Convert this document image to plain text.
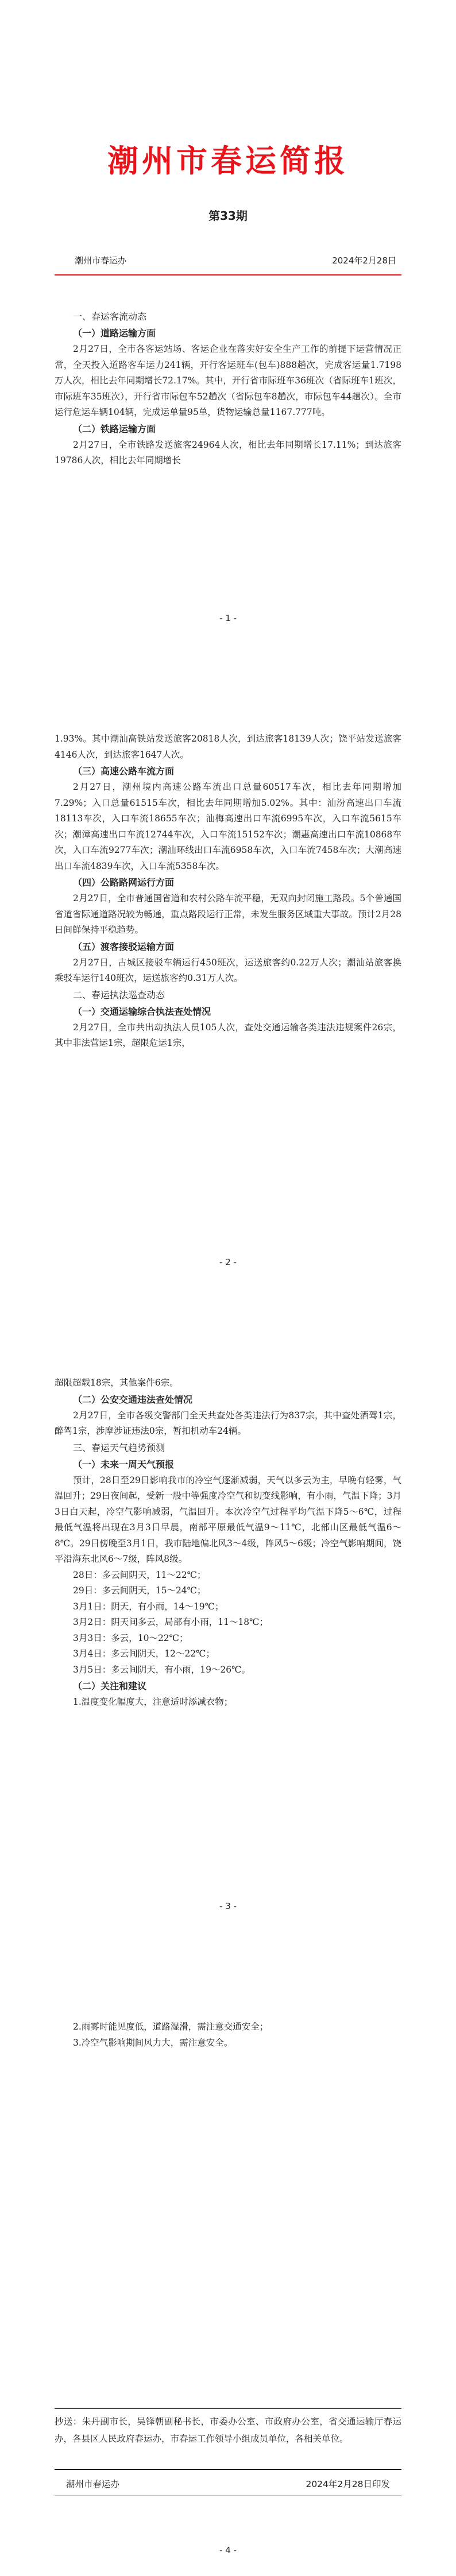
潮州市春运简报
第33期
潮州市春运办	2024年2月28日

一、春运客流动态

（一）道路运输方面

2月27日，全市各客运站场、客运企业在落实好安全生产工作的前提下运营情况正常，全天投入道路客车运力241辆，开行客运班车(包车)888趟次，完成客运量1.7198万人次，相比去年同期增长72.17%。其中，开行省市际班车36班次（省际班车1班次，市际班车35班次），开行省市际包车52趟次（省际包车8趟次，市际包车44趟次）。全市运行危运车辆104辆，完成运单量95单，货物运输总量1167.777吨。

（二）铁路运输方面

2月27日，全市铁路发送旅客24964人次，相比去年同期增长17.11%；到达旅客19786人次，相比去年同期增长

- 1 -

1.93%。其中潮汕高铁站发送旅客20818人次，到达旅客18139人次；饶平站发送旅客4146人次，到达旅客1647人次。

（三）高速公路车流方面

2月27日，潮州境内高速公路车流出口总量60517车次，相比去年同期增加7.29%；入口总量61515车次，相比去年同期增加5.02%。其中：汕汾高速出口车流18113车次，入口车流18655车次；汕梅高速出口车流6995车次，入口车流5615车次；潮漳高速出口车流12744车次，入口车流15152车次；潮惠高速出口车流10868车次，入口车流9277车次；潮汕环线出口车流6958车次，入口车流7458车次；大潮高速出口车流4839车次，入口车流5358车次。

（四）公路路网运行方面

2月27日，全市普通国省道和农村公路车流平稳，无双向封闭施工路段。5个普通国省道省际通道路况较为畅通，重点路段运行正常，未发生服务区域重大事故。预计2月28日间鲜保持平稳趋势。

（五）渡客接驳运输方面

2月27日，古城区接驳车辆运行450班次，运送旅客约0.22万人次；潮汕站旅客换乘驳车运行140班次，运送旅客约0.31万人次。

二、春运执法巡查动态

（一）交通运输综合执法查处情况

2月27日，全市共出动执法人员105人次，查处交通运输各类违法违规案件26宗，其中非法营运1宗，超限危运1宗，

- 2 -

超限超载18宗，其他案件6宗。

（二）公安交通违法查处情况

2月27日，全市各级交警部门全天共查处各类违法行为837宗，其中查处酒驾1宗，醉驾1宗，涉摩涉证违法0宗，暂扣机动车24辆。

三、春运天气趋势预测

（一）未来一周天气预报

预计，28日至29日影响我市的冷空气逐渐减弱，天气以多云为主，早晚有轻雾，气温回升；29日夜间起，受新一股中等强度冷空气和切变线影响，有小雨，气温下降；3月3日白天起，冷空气影响减弱，气温回升。本次冷空气过程平均气温下降5～6℃，过程最低气温将出现在3月3日早晨，南部平原最低气温9～11℃，北部山区最低气温6～8℃。29日傍晚至3月1日，我市陆地偏北风3～4级，阵风5～6级；冷空气影响期间，饶平沿海东北风6～7级，阵风8级。

28日：多云间阴天，11～22℃；

29日：多云间阴天，15～24℃；

3月1日：阴天，有小雨，14～19℃；

3月2日：阴天间多云，局部有小雨，11～18℃；

3月3日：多云，10～22℃；

3月4日：多云间阴天，12～22℃；

3月5日：多云间阴天，有小雨，19～26℃。

（二）关注和建议

1.温度变化幅度大，注意适时添减衣物；

- 3 -

2.雨雾时能见度低，道路湿滑，需注意交通安全；

3.冷空气影响期间风力大，需注意安全。

抄送：朱丹副市长，吴锋朝副秘书长，市委办公室、市政府办公室，省交通运输厅春运办，各县区人民政府春运办，市春运工作领导小组成员单位，各相关单位。
潮州市春运办	2024年2月28日印发
- 4 -
